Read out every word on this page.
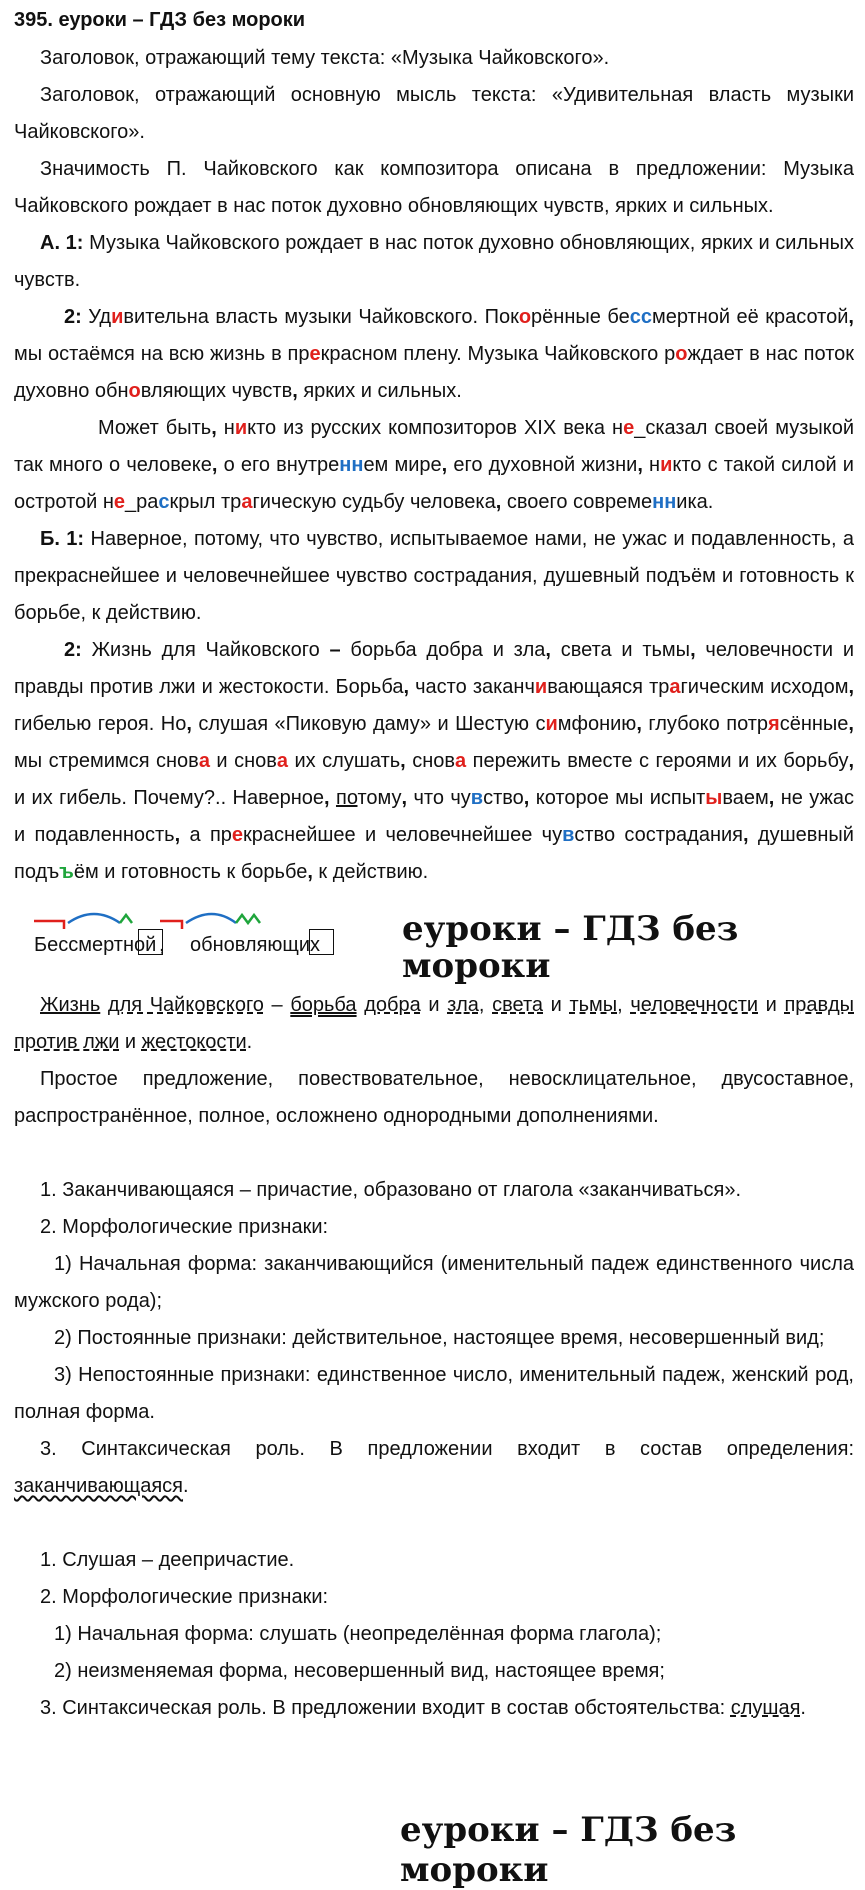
395. еуроки – ГДЗ без мороки

Заголовок, отражающий тему текста: «Музыка Чайковского».

Заголовок, отражающий основную мысль текста: «Удивительная власть музыки Чайковского».

Значимость П. Чайковского как композитора описана в предложении: Музыка Чайковского рождает в нас поток духовно обновляющих чувств, ярких и сильных.

А. 1: Музыка Чайковского рождает в нас поток духовно обновляющих, ярких и сильных чувств.

2: Удивительна власть музыки Чайковского. Покорённые бессмертной её красотой, мы остаёмся на всю жизнь в прекрасном плену. Музыка Чайковского рождает в нас поток духовно обновляющих чувств, ярких и сильных.

Может быть, никто из русских композиторов XIX века не_сказал своей музыкой так много о человеке, о его внутреннем мире, его духовной жизни, никто с такой силой и остротой не_раскрыл трагическую судьбу человека, своего современника.

Б. 1: Наверное, потому, что чувство, испытываемое нами, не ужас и подавленность, а прекраснейшее и человечнейшее чувство сострадания, душевный подъём и готовность к борьбе, к действию.

2: Жизнь для Чайковского – борьба добра и зла, света и тьмы, человечности и правды против лжи и жестокости. Борьба, часто заканчивающаяся трагическим исходом, гибелью героя. Но, слушая «Пиковую даму» и Шестую симфонию, глубоко потрясённые, мы стремимся снова и снова их слушать, снова пережить вместе с героями и их борьбу, и их гибель. Почему?.. Наверное, потому, что чувство, которое мы испытываем, не ужас и подавленность, а прекраснейшее и человечнейшее чувство сострадания, душевный подъъём и готовность к борьбе, к действию.

Бессмертной , обновляющих еуроки – ГДЗ без мороки

Жизнь для Чайковского – борьба добра и зла, света и тьмы, человечности и правды против лжи и жестокости.

Простое предложение, повествовательное, невосклицательное, двусоставное, распространённое, полное, осложнено однородными дополнениями.

1. Заканчивающаяся – причастие, образовано от глагола «заканчиваться».

2. Морфологические признаки:

1) Начальная форма: заканчивающийся (именительный падеж единственного числа мужского рода);

2) Постоянные признаки: действительное, настоящее время, несовершенный вид;

3) Непостоянные признаки: единственное число, именительный падеж, женский род, полная форма.

3. Синтаксическая роль. В предложении входит в состав определения: заканчивающаяся.

1. Слушая – деепричастие.

2. Морфологические признаки:

1) Начальная форма: слушать (неопределённая форма глагола);

2) неизменяемая форма, несовершенный вид, настоящее время;

3. Синтаксическая роль. В предложении входит в состав обстоятельства: слушая.

еуроки – ГДЗ без мороки
